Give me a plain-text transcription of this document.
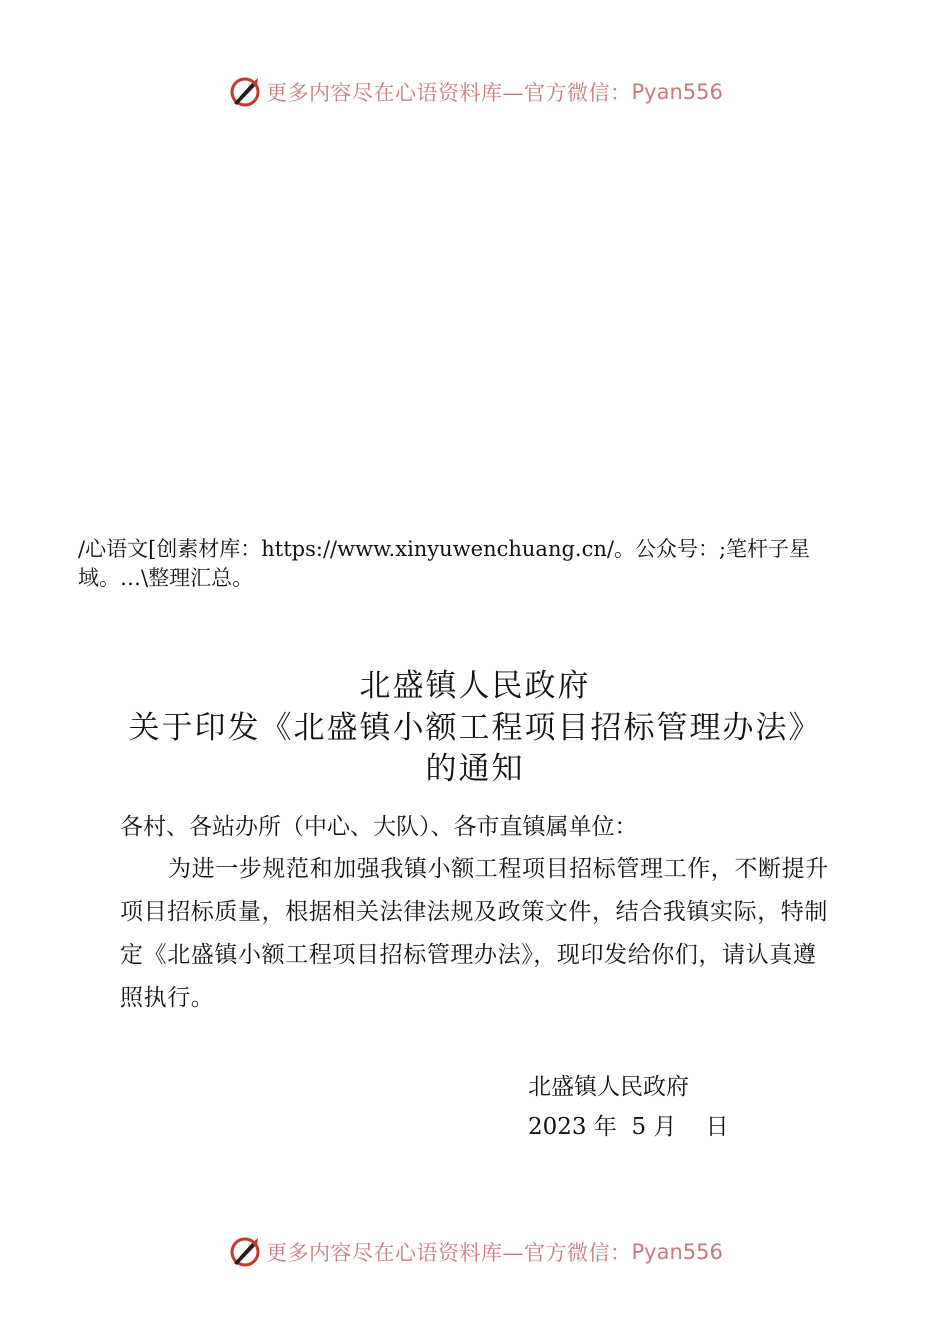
更多内容尽在心语资料库—官方微信： Pyan556

/心语文[创素材库：https://www.xinyuwenchuang.cn/。公众号：;笔杆子星域。…\整理汇总。

北盛镇人民政府
关于印发《北盛镇小额工程项目招标管理办法》
的通知

各村、各站办所（中心、大队）、各市直镇属单位：

为进一步规范和加强我镇小额工程项目招标管理工作，不断提升项目招标质量，根据相关法律法规及政策文件，结合我镇实际，特制定《北盛镇小额工程项目招标管理办法》，现印发给你们，请认真遵照执行。

北盛镇人民政府

2023 年  5 月    日

更多内容尽在心语资料库—官方微信： Pyan556
